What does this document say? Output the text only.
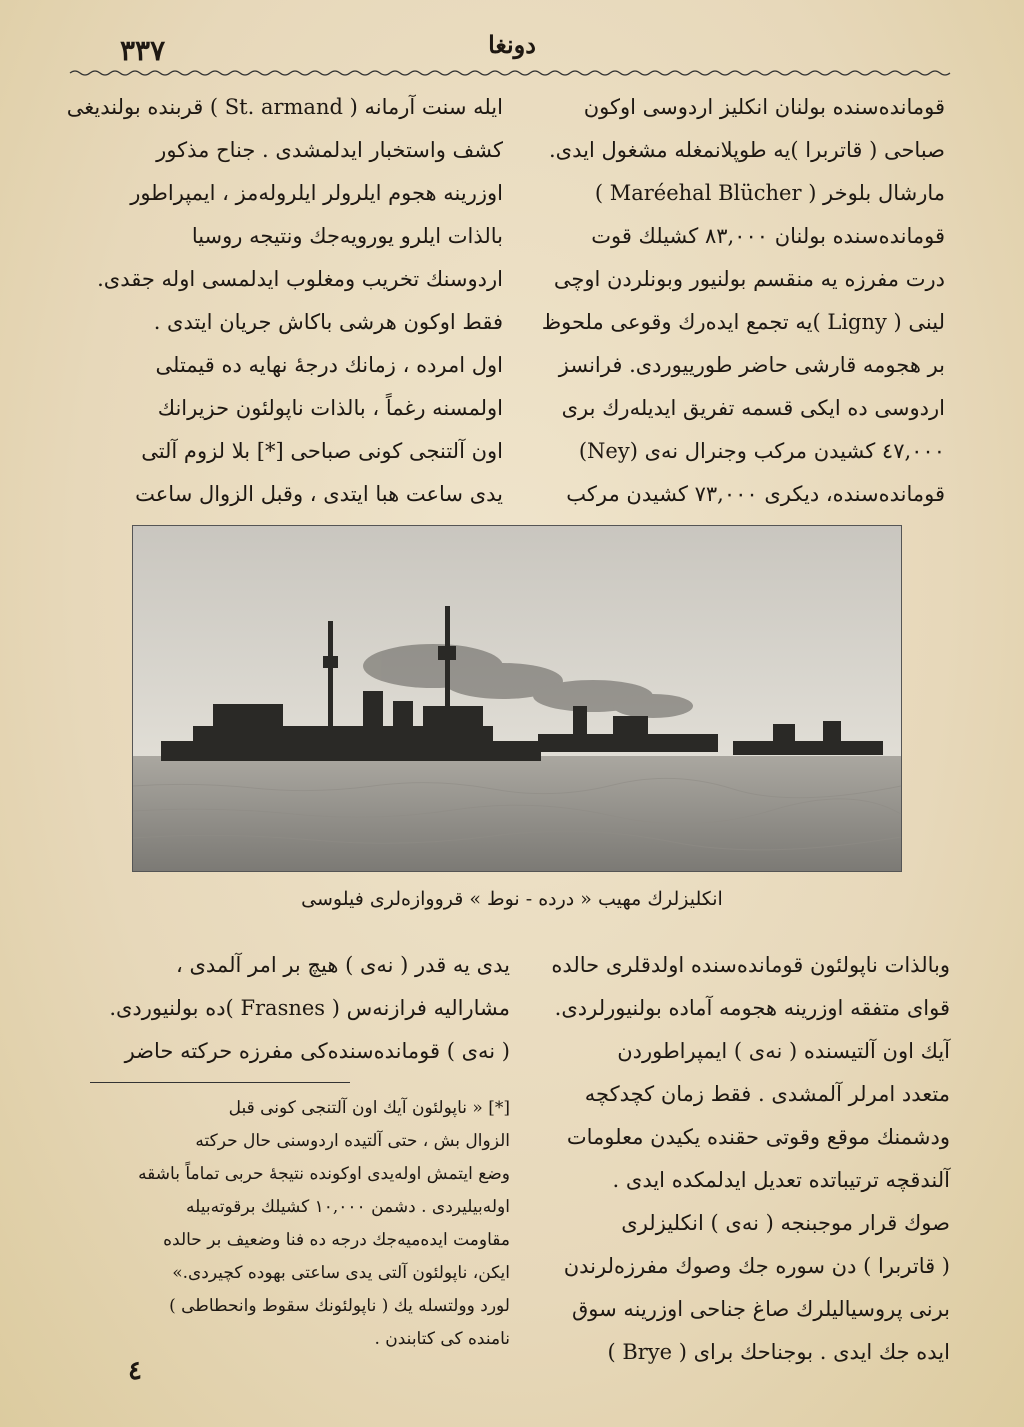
٣٣٧	دونغا
قوماندەسندە بولنان انكليز اردوسی اوکون
صباحی ( قاتربرا )یه طوپلانمغله مشغول ایدی.
مارشال بلوخر ( Maréehal Blücher )
قوماندەسندە بولنان ٨٣,٠٠٠ كشیلك قوت
درت مفرزه یه منقسم بولنیور وبونلردن اوچی
لینی ( Ligny )یه تجمع ایدەرك وقوعی ملحوظ
بر هجومه قارشی حاضر طورییوردی. فرانسز
اردوسی ده ایکی قسمه تفریق ایدیلەرك بری
٤٧,٠٠٠ كشیدن مركب وجنرال نەی (Ney)
قوماندەسنده، دیكری ٧٣,٠٠٠ كشیدن مركب
ایله سنت آرمانه ( St. armand ) قربنده بولندیغی
كشف واستخبار ایدلمشدی . جناح مذكور
اوزرینه هجوم ایلرولر ایلرولەمز ، ایمپراطور
بالذات ایلرو یورویەجك ونتیجه روسیا
اردوسنك تخریب ومغلوب ایدلمسی اوله جقدی.
فقط اوكون هرشی باكاش جریان ایتدی .
اول امرده ، زمانك درجۀ نهایه ده قیمتلی
اولمسنه رغماً ، بالذات ناپولئون حزیرانك
اون آلتنجی كونی صباحی [*] بلا لزوم آلتی
یدی ساعت هبا ایتدی ، وقبل الزوال ساعت
انكلیزلرك مهیب « درده - نوط » قرووازه‌لری فیلوسی
وبالذات ناپولئون قوماندەسنده اولدقلری حالده
قوای متفقه اوزرینه هجومه آماده بولنیورلردی.
آیك اون آلتیسنده ( نەی ) ایمپراطوردن
متعدد امرلر آلمشدی . فقط زمان كچدكچه
ودشمنك موقع وقوتی حقنده یكیدن معلومات
آلندقچه ترتیباتده تعدیل ایدلمكده ایدی .
صوك قرار موجبنجه ( نەی ) انكلیزلری
( قاتربرا ) دن سوره جك وصوك مفرزەلرندن
برنی پروسیالیلرك صاغ جناحی اوزرینه سوق
ایده جك ایدی . بوجناحك برای ( Brye )
یدی یه قدر ( نەی ) هیچ بر امر آلمدی ،
مشارالیه فرازنەس ( Frasnes )ده بولنیوردی.
( نەی ) قوماندەسندەكی مفرزه حركته حاضر
[*] « ناپولئون آیك اون آلتنجی كونی قبل
الزوال بش ، حتی آلتیده اردوسنی حال حركته
وضع ایتمش اولەیدی اوكونده نتیجۀ حربی تماماً باشقه
اولەبیلیردی . دشمن ١٠,٠٠٠ كشیلك برقوتەبیله
مقاومت ایدەمیەجك درجه ده فنا وضعیف بر حالده
ایكن، ناپولئون آلتی یدی ساعتی بهوده كچیردی.»
لورد وولتسله یك ( ناپولئونك سقوط وانحطاطی )
نامنده كی كتابندن .
٤
